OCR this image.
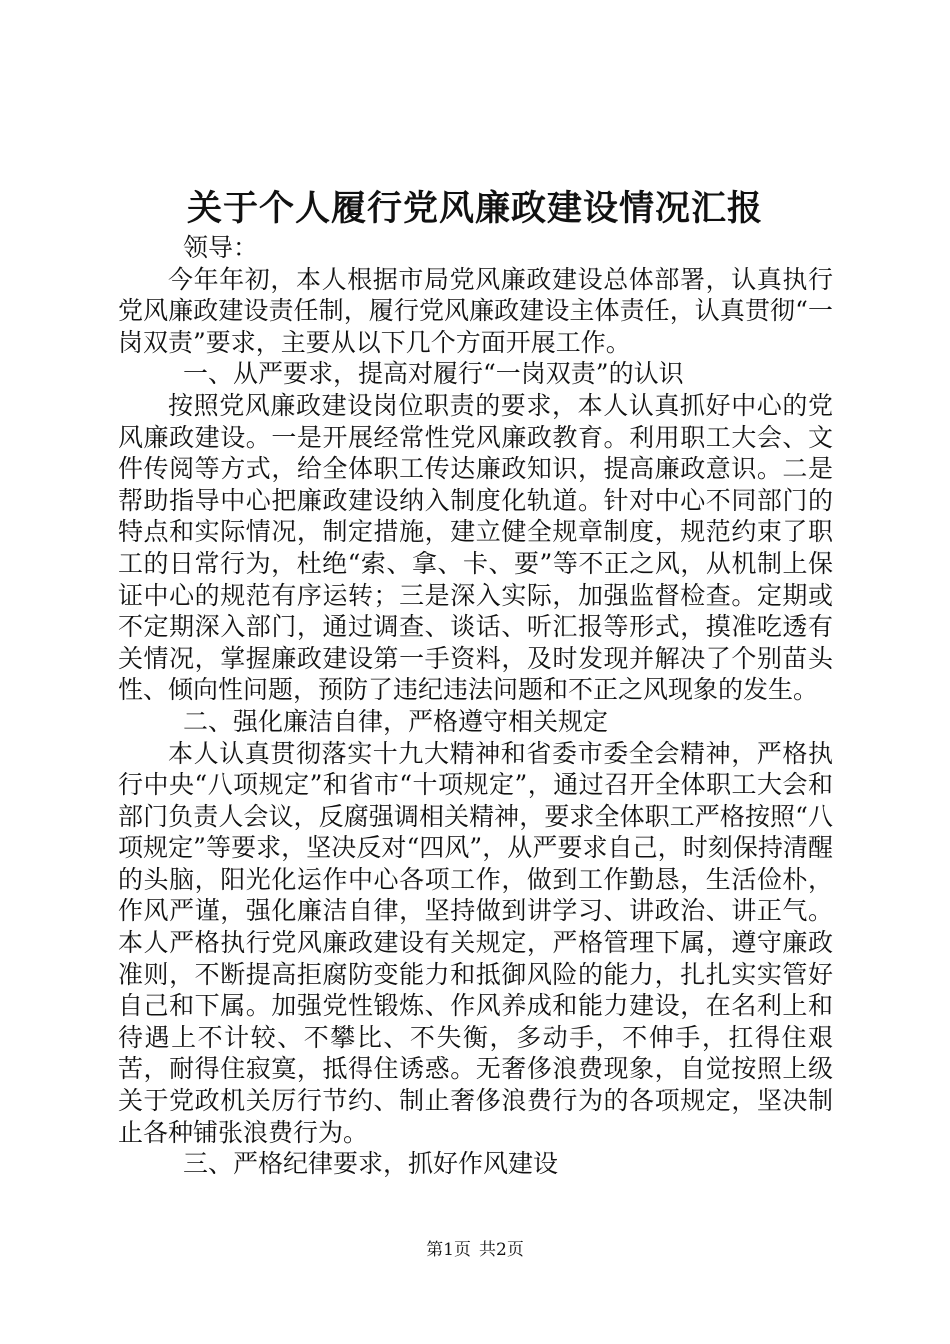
关于个人履行党风廉政建设情况汇报

领导：

今年年初，本人根据市局党风廉政建设总体部署，认真执行党风廉政建设责任制，履行党风廉政建设主体责任，认真贯彻“一岗双责”要求，主要从以下几个方面开展工作。

一、从严要求，提高对履行“一岗双责”的认识

按照党风廉政建设岗位职责的要求，本人认真抓好中心的党风廉政建设。一是开展经常性党风廉政教育。利用职工大会、文件传阅等方式，给全体职工传达廉政知识，提高廉政意识。二是帮助指导中心把廉政建设纳入制度化轨道。针对中心不同部门的特点和实际情况，制定措施，建立健全规章制度，规范约束了职工的日常行为，杜绝“索、拿、卡、要”等不正之风，从机制上保证中心的规范有序运转；三是深入实际，加强监督检查。定期或不定期深入部门，通过调查、谈话、听汇报等形式，摸准吃透有关情况，掌握廉政建设第一手资料，及时发现并解决了个别苗头性、倾向性问题，预防了违纪违法问题和不正之风现象的发生。

二、强化廉洁自律，严格遵守相关规定

本人认真贯彻落实十九大精神和省委市委全会精神，严格执行中央“八项规定”和省市“十项规定”，通过召开全体职工大会和部门负责人会议，反腐强调相关精神，要求全体职工严格按照“八项规定”等要求，坚决反对“四风”，从严要求自己，时刻保持清醒的头脑，阳光化运作中心各项工作，做到工作勤恳，生活俭朴，作风严谨，强化廉洁自律，坚持做到讲学习、讲政治、讲正气。本人严格执行党风廉政建设有关规定，严格管理下属，遵守廉政准则，不断提高拒腐防变能力和抵御风险的能力，扎扎实实管好自己和下属。加强党性锻炼、作风养成和能力建设，在名利上和待遇上不计较、不攀比、不失衡，多动手，不伸手，扛得住艰苦，耐得住寂寞，抵得住诱惑。无奢侈浪费现象，自觉按照上级关于党政机关厉行节约、制止奢侈浪费行为的各项规定，坚决制止各种铺张浪费行为。

三、严格纪律要求，抓好作风建设

第1页 共2页
